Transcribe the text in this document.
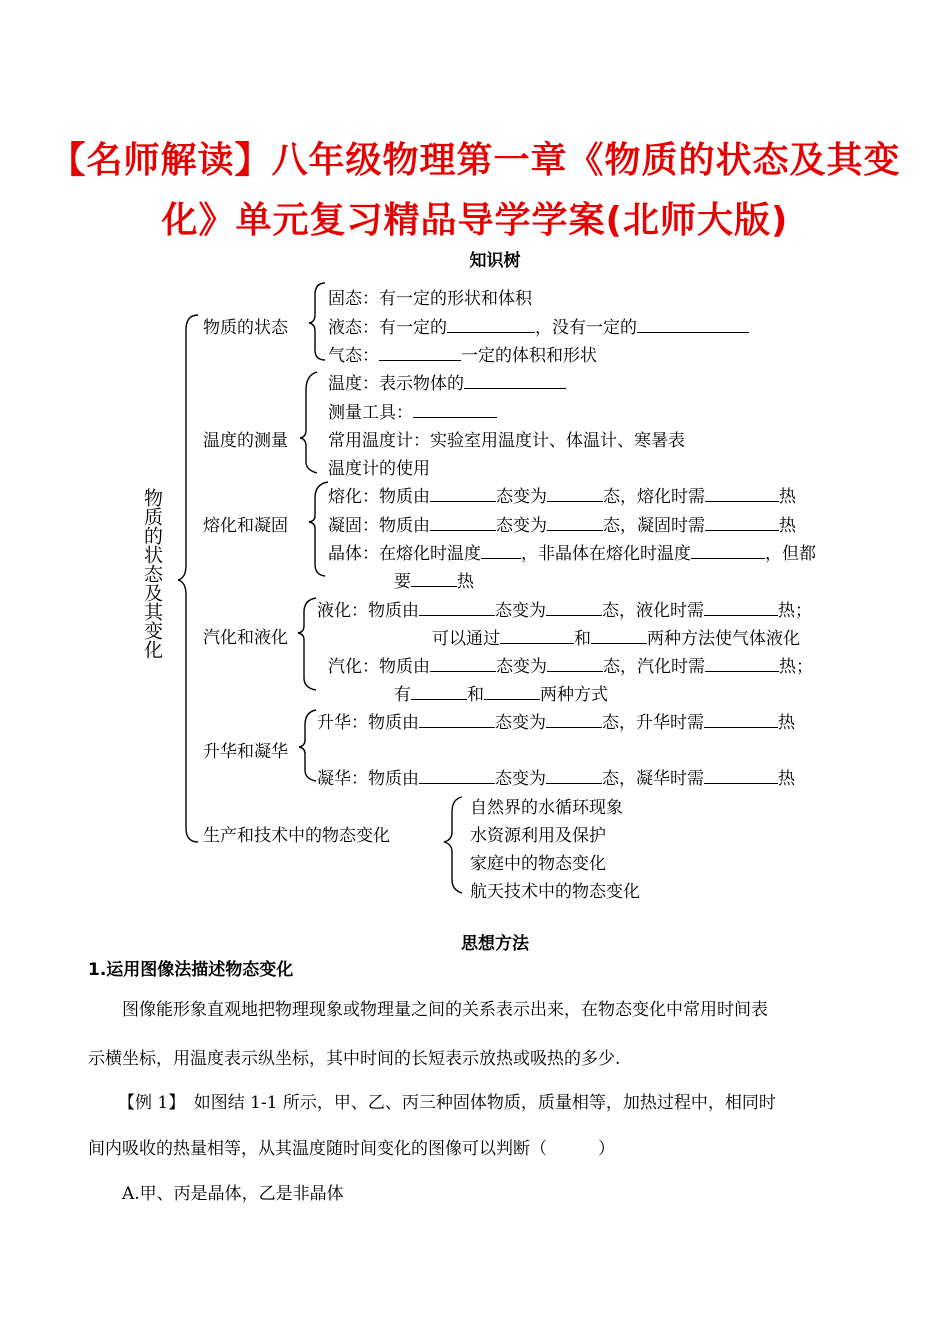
【名师解读】八年级物理第一章《物质的状态及其变
化》单元复习精品导学学案(北师大版)
知识树
物质的状态及其变化
物质的状态
温度的测量
熔化和凝固
汽化和液化
升华和凝华
生产和技术中的物态变化
固态：有一定的形状和体积
液态：有一定的	，没有一定的
气态：	一定的体积和形状
温度：表示物体的
测量工具：
常用温度计：实验室用温度计、体温计、寒暑表
温度计的使用
熔化：物质由	态变为	态，熔化时需	热
凝固：物质由	态变为	态，凝固时需	热
晶体：在熔化时温度 ，非晶体在熔化时温度	，但都
要	热
液化：物质由	态变为	态，液化时需	热；
可以通过	和	两种方法使气体液化
汽化：物质由	态变为	态，汽化时需	热；
有	和	两种方式
升华：物质由	态变为	态，升华时需	热
凝华：物质由	态变为	态，凝华时需	热
自然界的水循环现象
水资源利用及保护
家庭中的物态变化
航天技术中的物态变化
思想方法
1.运用图像法描述物态变化
图像能形象直观地把物理现象或物理量之间的关系表示出来，在物态变化中常用时间表
示横坐标，用温度表示纵坐标，其中时间的长短表示放热或吸热的多少.
【例 1】　如图结 1-1 所示，甲、乙、丙三种固体物质，质量相等，加热过程中，相同时
间内吸收的热量相等，从其温度随时间变化的图像可以判断（　　　）
A.甲、丙是晶体，乙是非晶体
